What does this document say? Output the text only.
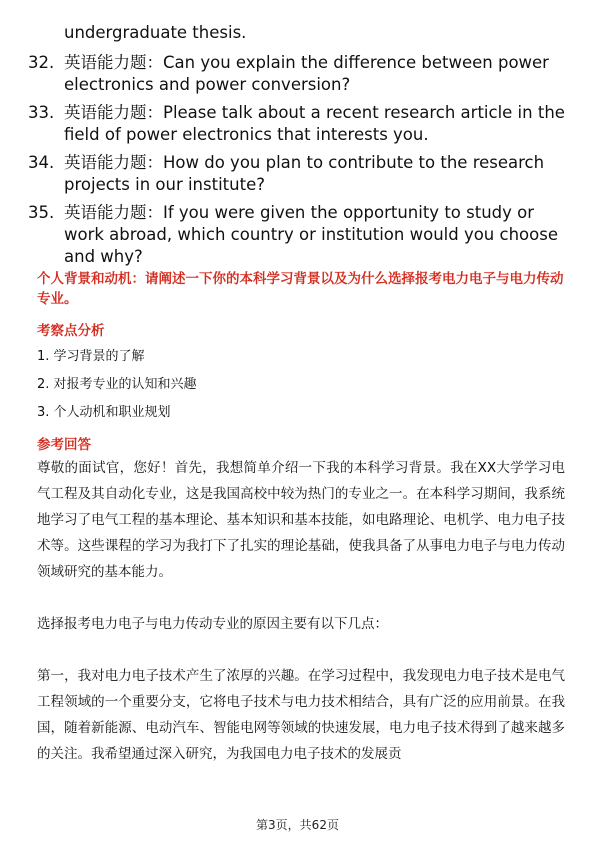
undergraduate thesis.
32. 英语能力题：Can you explain the difference between power electronics and power conversion?
33. 英语能力题：Please talk about a recent research article in the field of power electronics that interests you.
34. 英语能力题：How do you plan to contribute to the research projects in our institute?
35. 英语能力题：If you were given the opportunity to study or work abroad, which country or institution would you choose and why?
个人背景和动机：请阐述一下你的本科学习背景以及为什么选择报考电力电子与电力传动专业。
考察点分析
1. 学习背景的了解
2. 对报考专业的认知和兴趣
3. 个人动机和职业规划
参考回答
尊敬的面试官，您好！首先，我想简单介绍一下我的本科学习背景。我在XX大学学习电气工程及其自动化专业，这是我国高校中较为热门的专业之一。在本科学习期间，我系统地学习了电气工程的基本理论、基本知识和基本技能，如电路理论、电机学、电力电子技术等。这些课程的学习为我打下了扎实的理论基础，使我具备了从事电力电子与电力传动领域研究的基本能力。
选择报考电力电子与电力传动专业的原因主要有以下几点：
第一，我对电力电子技术产生了浓厚的兴趣。在学习过程中，我发现电力电子技术是电气工程领域的一个重要分支，它将电子技术与电力技术相结合，具有广泛的应用前景。在我国，随着新能源、电动汽车、智能电网等领域的快速发展，电力电子技术得到了越来越多的关注。我希望通过深入研究，为我国电力电子技术的发展贡
第3页，共62页
